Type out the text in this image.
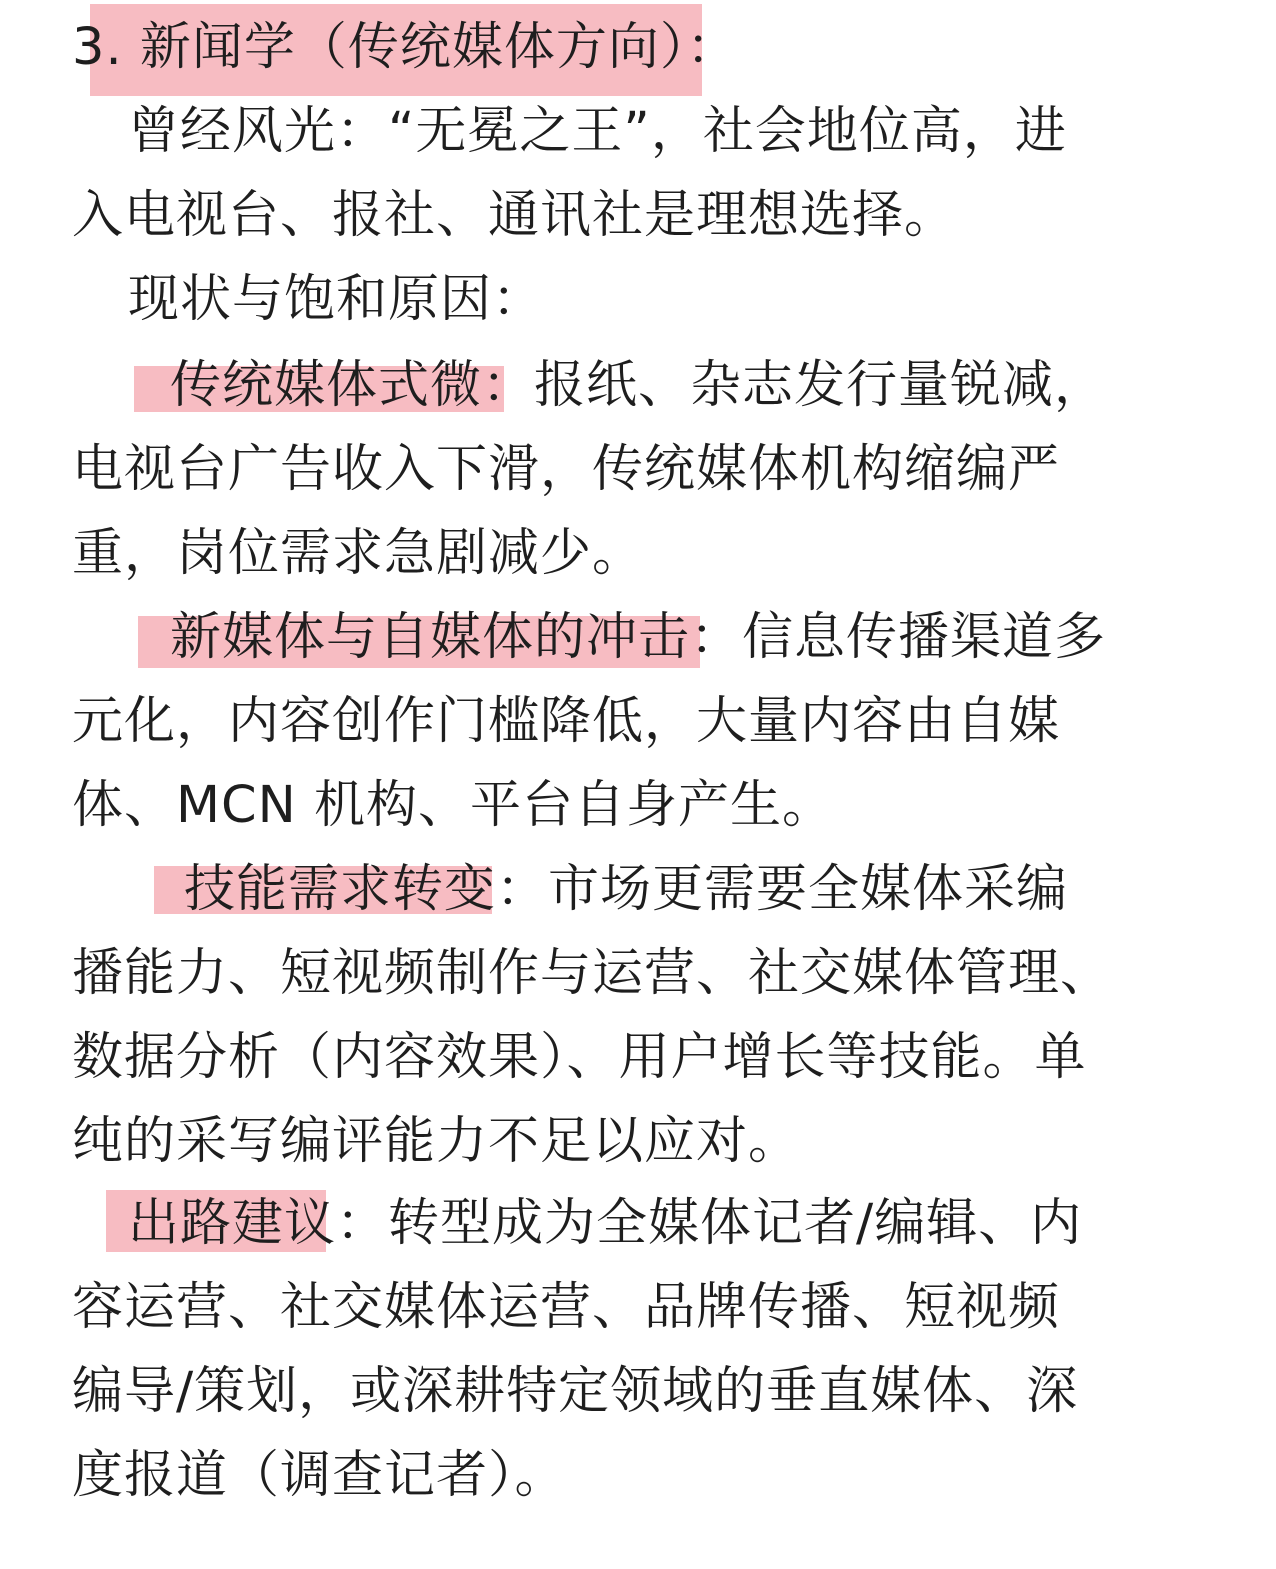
3. 新闻学（传统媒体方向）：
曾经风光：“无冕之王”，社会地位高，进
入电视台、报社、通讯社是理想选择。
现状与饱和原因：
传统媒体式微：报纸、杂志发行量锐减，
电视台广告收入下滑，传统媒体机构缩编严
重，岗位需求急剧减少。
新媒体与自媒体的冲击：信息传播渠道多
元化，内容创作门槛降低，大量内容由自媒
体、MCN 机构、平台自身产生。
技能需求转变：市场更需要全媒体采编
播能力、短视频制作与运营、社交媒体管理、
数据分析（内容效果）、用户增长等技能。单
纯的采写编评能力不足以应对。
出路建议：转型成为全媒体记者/编辑、内
容运营、社交媒体运营、品牌传播、短视频
编导/策划，或深耕特定领域的垂直媒体、深
度报道（调查记者）。
